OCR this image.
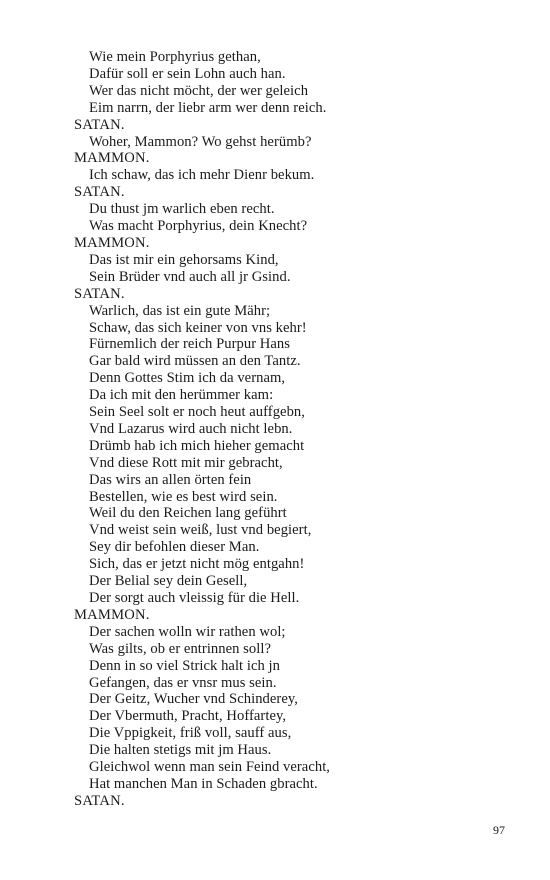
Wie mein Porphyrius gethan,
Dafür soll er sein Lohn auch han.
Wer das nicht möcht, der wer geleich
Eim narrn, der liebr arm wer denn reich.
SATAN.
Woher, Mammon? Wo gehst herümb?
MAMMON.
Ich schaw, das ich mehr Dienr bekum.
SATAN.
Du thust jm warlich eben recht.
Was macht Porphyrius, dein Knecht?
MAMMON.
Das ist mir ein gehorsams Kind,
Sein Brüder vnd auch all jr Gsind.
SATAN.
Warlich, das ist ein gute Mähr;
Schaw, das sich keiner von vns kehr!
Fürnemlich der reich Purpur Hans
Gar bald wird müssen an den Tantz.
Denn Gottes Stim ich da vernam,
Da ich mit den herümmer kam:
Sein Seel solt er noch heut auffgebn,
Vnd Lazarus wird auch nicht lebn.
Drümb hab ich mich hieher gemacht
Vnd diese Rott mit mir gebracht,
Das wirs an allen örten fein
Bestellen, wie es best wird sein.
Weil du den Reichen lang geführt
Vnd weist sein weiß, lust vnd begiert,
Sey dir befohlen dieser Man.
Sich, das er jetzt nicht mög entgahn!
Der Belial sey dein Gesell,
Der sorgt auch vleissig für die Hell.
MAMMON.
Der sachen wolln wir rathen wol;
Was gilts, ob er entrinnen soll?
Denn in so viel Strick halt ich jn
Gefangen, das er vnsr mus sein.
Der Geitz, Wucher vnd Schinderey,
Der Vbermuth, Pracht, Hoffartey,
Die Vppigkeit, friß voll, sauff aus,
Die halten stetigs mit jm Haus.
Gleichwol wenn man sein Feind veracht,
Hat manchen Man in Schaden gbracht.
SATAN.
97
